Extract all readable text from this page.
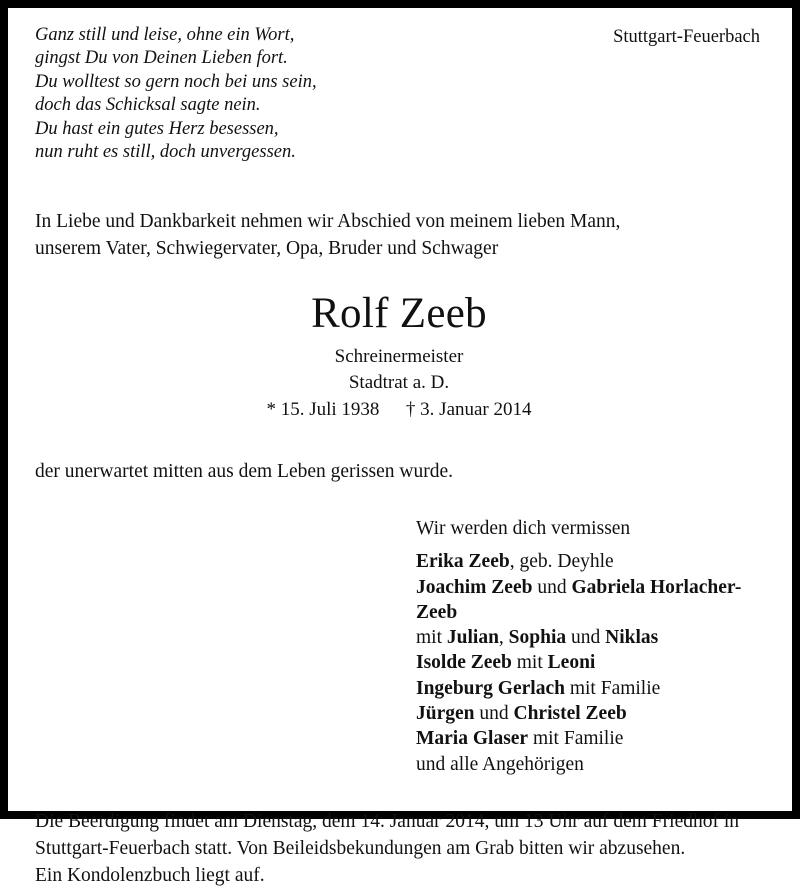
Ganz still und leise, ohne ein Wort,
gingst Du von Deinen Lieben fort.
Du wolltest so gern noch bei uns sein,
doch das Schicksal sagte nein.
Du hast ein gutes Herz besessen,
nun ruht es still, doch unvergessen.
Stuttgart-Feuerbach
In Liebe und Dankbarkeit nehmen wir Abschied von meinem lieben Mann,
unserem Vater, Schwiegervater, Opa, Bruder und Schwager
Rolf Zeeb
Schreinermeister
Stadtrat a. D.
* 15. Juli 1938 † 3. Januar 2014
der unerwartet mitten aus dem Leben gerissen wurde.
Wir werden dich vermissen
Erika Zeeb, geb. Deyhle
Joachim Zeeb und Gabriela Horlacher-Zeeb
mit Julian, Sophia und Niklas
Isolde Zeeb mit Leoni
Ingeburg Gerlach mit Familie
Jürgen und Christel Zeeb
Maria Glaser mit Familie
und alle Angehörigen
Die Beerdigung findet am Dienstag, dem 14. Januar 2014, um 13 Uhr auf dem Friedhof in
Stuttgart-Feuerbach statt. Von Beileidsbekundungen am Grab bitten wir abzusehen.
Ein Kondolenzbuch liegt auf.
